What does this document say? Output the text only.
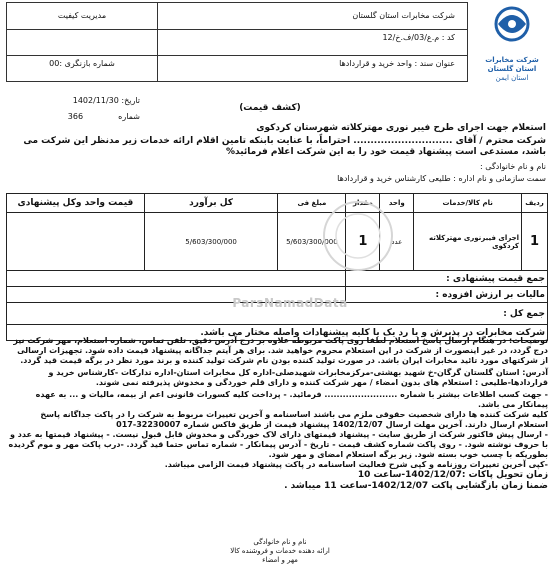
شرکت مخابرات استان گلستان
مدیریت کیفیت
کد : م.ع/03/ف.خ/12
عنوان سند : واحد خرید و قراردادها
شماره بازنگری :00	شرکت مخابرات استان گلستان
استان ایمن
تاریخ: 1402/11/30
شماره  366
(کشف قیمت)
استعلام جهت اجرای طرح فیبر نوری مهترکلاته شهرستان کردکوی
شرکت محترم / آقای ............................. احتراماً، با عنایت بابنکه تامین اقلام ارائه خدمات زیر مدنظر این شرکت می باشد، مستدعی است پیشنهاد قیمت خود را به این شرکت اعلام فرمائید%
نام و نام خانوادگی :
سمت سازمانی و نام اداره : طلیعی کارشناس خرید و قراردادها
ردیف	نام کالا/خدمات	واحد	مقدار	مبلغ فی	کل برآورد	قیمت واحد وکل پیشنهادی
1	اجرای فیبرنوری مهترکلاته کردکوی	عدد	1	5/603/300/000	5/603/300/000	
جمع قیمت پیشنهادی :						
مالیات بر ارزش افزوده :						
جمع کل :						
شرکت مخابرات در پذیرش و یا رد یک یا کلیه پیشنهادات واصله مختار می باشد.						
ParsNamadData
توضیحات: در هنگام ارسال پاسخ استعلام لطفا روی پاکت مربوطه علاوه بر درج آدرس دقیق، تلفن تماس، شماره استعلام، مهر شرکت نیز درج گردد، در غیر اینصورت از شرکت در این استعلام محروم خواهید شد. برای هر آیتم جداگانه پیشنهاد قیمت داده شود. تجهیزات ارسالی از شرکتهای مورد تائید مخابرات ایران باشد. در صورت تولید کننده بودن نام شرکت تولید کننده و برند مورد نظر در برگه قیمت قید گردد.
آدرس: استان گلستان گرگان-خ شهید بهشتی-مرکزمخابرات شهیدصلی-اداره کل مخابرات استان-اداره تدارکات -کارشناس خرید و قراردادها-طلیعی : استعلام های بدون امضاء / مهر شرکت کننده و دارای قلم خوردگی و مخدوش پذیرفته نمی شوند.
- جهت کسب اطلاعات بیشتر با شماره ........................ فرمائید. - پرداخت کلیه کسورات قانونی اعم از بیمه، مالیات و ... به عهده پیمانکار می باشد.
کلیه شرکت کننده ها دارای شخصیت حقوقی ملزم می باشند اساسنامه و آخرین تغییرات مربوط به شرکت را در پاکت جداگانه پاسخ استعلام ارسال دارند. آخرین مهلت ارسال 1402/12/07 پیشنهاد قیمت از طریق فاکس شماره 32230007-017
- ارسال پیش فاکتور شرکت از طریق سایت - پیشنهاد قیمتهای دارای لاک خوردگی و مخدوش قابل قبول نیست. - پیشنهاد قیمتها به عدد و با حروف نوشته شود. - روی پاکت شماره کشف قیمت - تاریخ - آدرس پیمانکار - شماره تماس حتما قید گردد. -درب پاکت مهر و موم گردیده بطوریکه با چسب خوب بسته شود. زیر برگه استعلام امضای و مهر شود.
-کپی آخرین تغییرات روزنامه و کپی شرح فعالیت اساسنامه در پاکت پیشنهاد قیمت الزامی میباشد.
زمان تحویل پاکات :1402/12/07-ساعت 10
ضمنا زمان بازگشایی پاکت 1402/12/07-ساعت 11 میباشد .
نام و نام خانوادگی
ارائه دهنده خدمات و فروشنده کالا
مهر و امضاء
